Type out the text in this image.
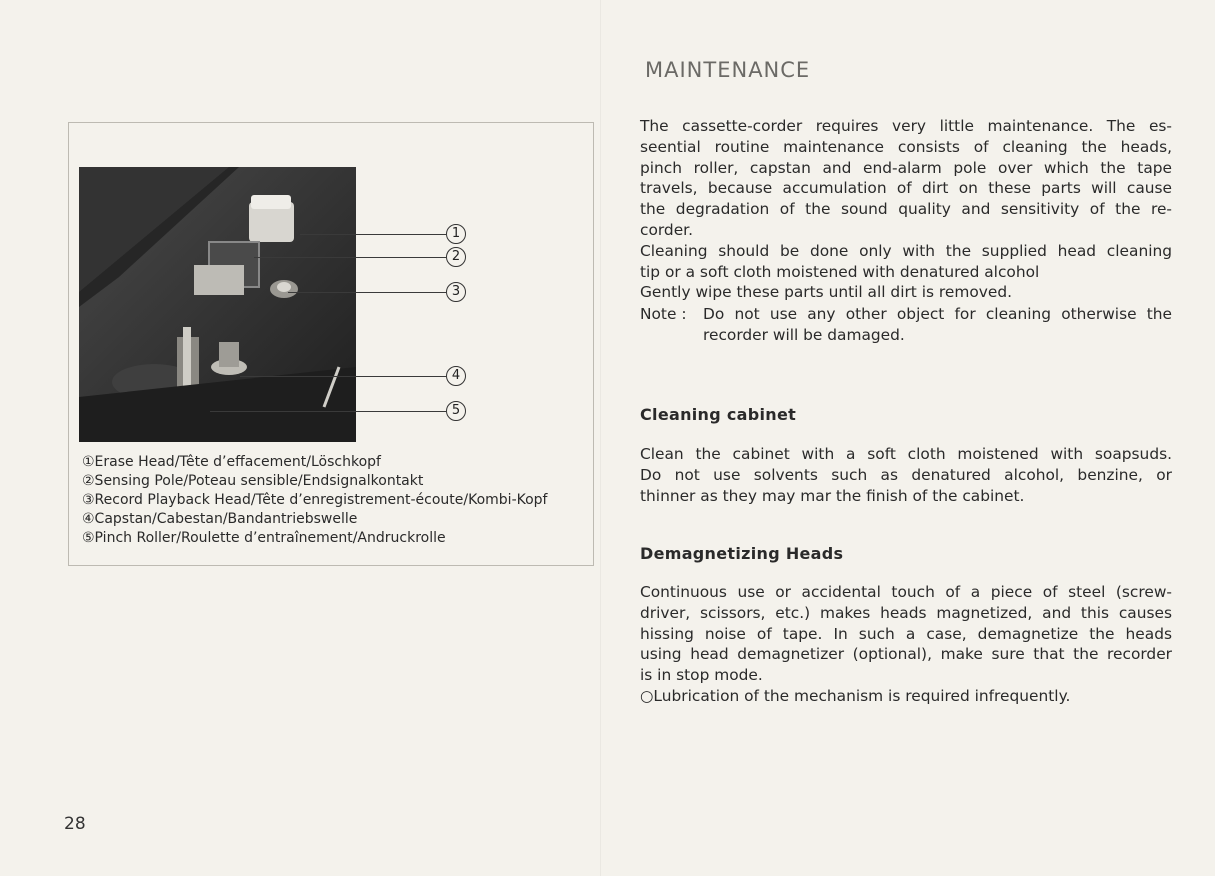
1
2
3
4
5
①Erase Head/Tête d’effacement/Löschkopf
②Sensing Pole/Poteau sensible/Endsignalkontakt
③Record Playback Head/Tête d’enregistrement-écoute/Kombi-Kopf
④Capstan/Cabestan/Bandantriebswelle
⑤Pinch Roller/Roulette d’entraînement/Andruckrolle
28
MAINTENANCE
The cassette-corder requires very little maintenance. The es-
seential routine maintenance consists of cleaning the heads,
pinch roller, capstan and end-alarm pole over which the tape
travels, because accumulation of dirt on these parts will cause
the degradation of the sound quality and sensitivity of the re-
corder.
Cleaning should be done only with the supplied head cleaning
tip or a soft cloth moistened with denatured alcohol
Gently wipe these parts until all dirt is removed.
Note : Do not use any other object for cleaning otherwise the
recorder will be damaged.
Cleaning cabinet
Clean the cabinet with a soft cloth moistened with soapsuds.
Do not use solvents such as denatured alcohol, benzine, or
thinner as they may mar the finish of the cabinet.
Demagnetizing Heads
Continuous use or accidental touch of a piece of steel (screw-
driver, scissors, etc.) makes heads magnetized, and this causes
hissing noise of tape. In such a case, demagnetize the heads
using head demagnetizer (optional), make sure that the recorder
is in stop mode.
○Lubrication of the mechanism is required infrequently.
